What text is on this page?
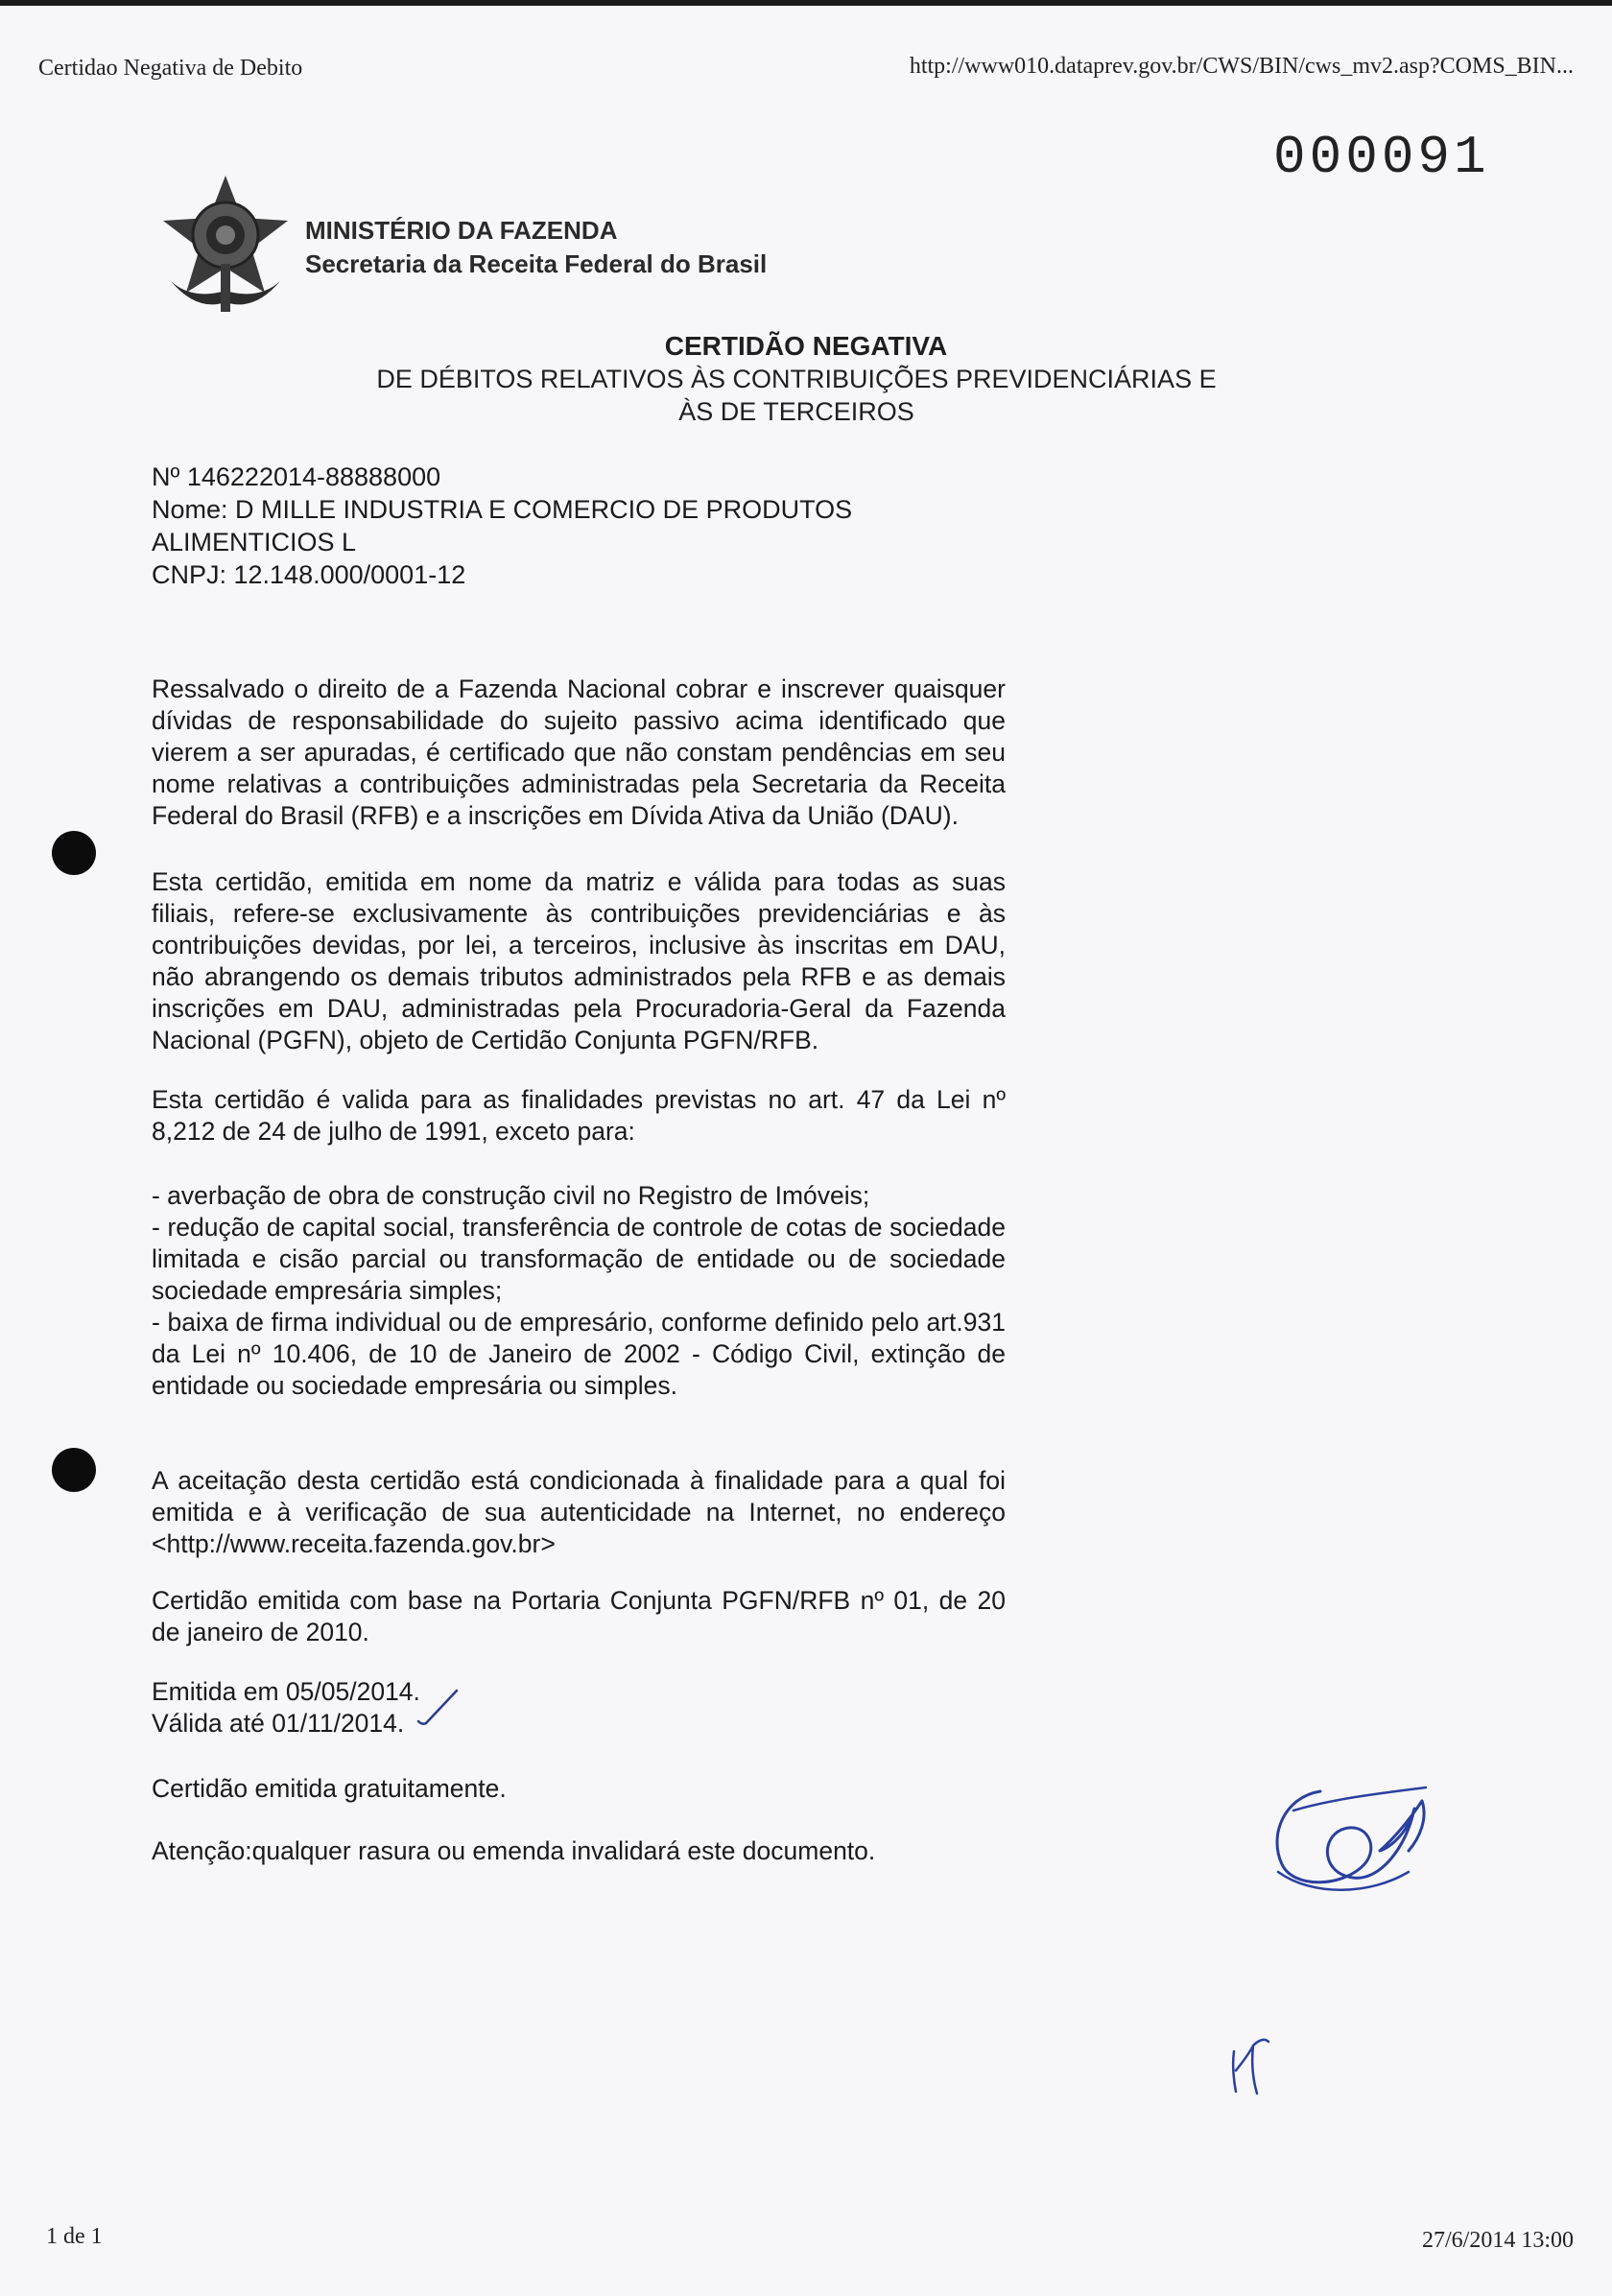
Certidao Negativa de Debito	http://www010.dataprev.gov.br/CWS/BIN/cws_mv2.asp?COMS_BIN...
000091
MINISTÉRIO DA FAZENDA
Secretaria da Receita Federal do Brasil
CERTIDÃO NEGATIVA
DE DÉBITOS RELATIVOS ÀS CONTRIBUIÇÕES PREVIDENCIÁRIAS E
ÀS DE TERCEIROS
Nº 146222014-88888000
Nome: D MILLE INDUSTRIA E COMERCIO DE PRODUTOS
ALIMENTICIOS L
CNPJ: 12.148.000/0001-12
Ressalvado o direito de a Fazenda Nacional cobrar e inscrever quaisquer dívidas de responsabilidade do sujeito passivo acima identificado que vierem a ser apuradas, é certificado que não constam pendências em seu nome relativas a contribuições administradas pela Secretaria da Receita Federal do Brasil (RFB) e a inscrições em Dívida Ativa da União (DAU).
Esta certidão, emitida em nome da matriz e válida para todas as suas filiais, refere-se exclusivamente às contribuições previdenciárias e às contribuições devidas, por lei, a terceiros, inclusive às inscritas em DAU, não abrangendo os demais tributos administrados pela RFB e as demais inscrições em DAU, administradas pela Procuradoria-Geral da Fazenda Nacional (PGFN), objeto de Certidão Conjunta PGFN/RFB.
Esta certidão é valida para as finalidades previstas no art. 47 da Lei nº 8,212 de 24 de julho de 1991, exceto para:
- averbação de obra de construção civil no Registro de Imóveis;
- redução de capital social, transferência de controle de cotas de sociedade limitada e cisão parcial ou transformação de entidade ou de sociedade sociedade empresária simples;
- baixa de firma individual ou de empresário, conforme definido pelo art.931 da Lei nº 10.406, de 10 de Janeiro de 2002 - Código Civil, extinção de entidade ou sociedade empresária ou simples.
A aceitação desta certidão está condicionada à finalidade para a qual foi emitida e à verificação de sua autenticidade na Internet, no endereço <http://www.receita.fazenda.gov.br>
Certidão emitida com base na Portaria Conjunta PGFN/RFB nº 01, de 20 de janeiro de 2010.
Emitida em 05/05/2014.
Válida até 01/11/2014.
Certidão emitida gratuitamente.
Atenção:qualquer rasura ou emenda invalidará este documento.
1 de 1	27/6/2014 13:00
